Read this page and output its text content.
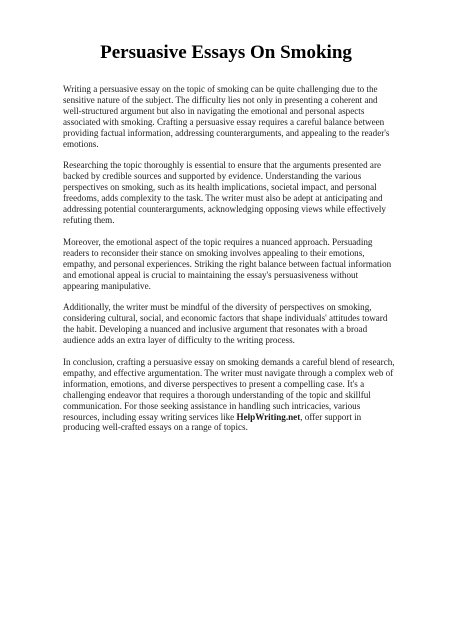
Persuasive Essays On Smoking

Writing a persuasive essay on the topic of smoking can be quite challenging due to the sensitive nature of the subject. The difficulty lies not only in presenting a coherent and well-structured argument but also in navigating the emotional and personal aspects associated with smoking. Crafting a persuasive essay requires a careful balance between providing factual information, addressing counterarguments, and appealing to the reader's emotions.

Researching the topic thoroughly is essential to ensure that the arguments presented are backed by credible sources and supported by evidence. Understanding the various perspectives on smoking, such as its health implications, societal impact, and personal freedoms, adds complexity to the task. The writer must also be adept at anticipating and addressing potential counterarguments, acknowledging opposing views while effectively refuting them.

Moreover, the emotional aspect of the topic requires a nuanced approach. Persuading readers to reconsider their stance on smoking involves appealing to their emotions, empathy, and personal experiences. Striking the right balance between factual information and emotional appeal is crucial to maintaining the essay's persuasiveness without appearing manipulative.

Additionally, the writer must be mindful of the diversity of perspectives on smoking, considering cultural, social, and economic factors that shape individuals' attitudes toward the habit. Developing a nuanced and inclusive argument that resonates with a broad audience adds an extra layer of difficulty to the writing process.

In conclusion, crafting a persuasive essay on smoking demands a careful blend of research, empathy, and effective argumentation. The writer must navigate through a complex web of information, emotions, and diverse perspectives to present a compelling case. It's a challenging endeavor that requires a thorough understanding of the topic and skillful communication. For those seeking assistance in handling such intricacies, various resources, including essay writing services like HelpWriting.net, offer support in producing well-crafted essays on a range of topics.
